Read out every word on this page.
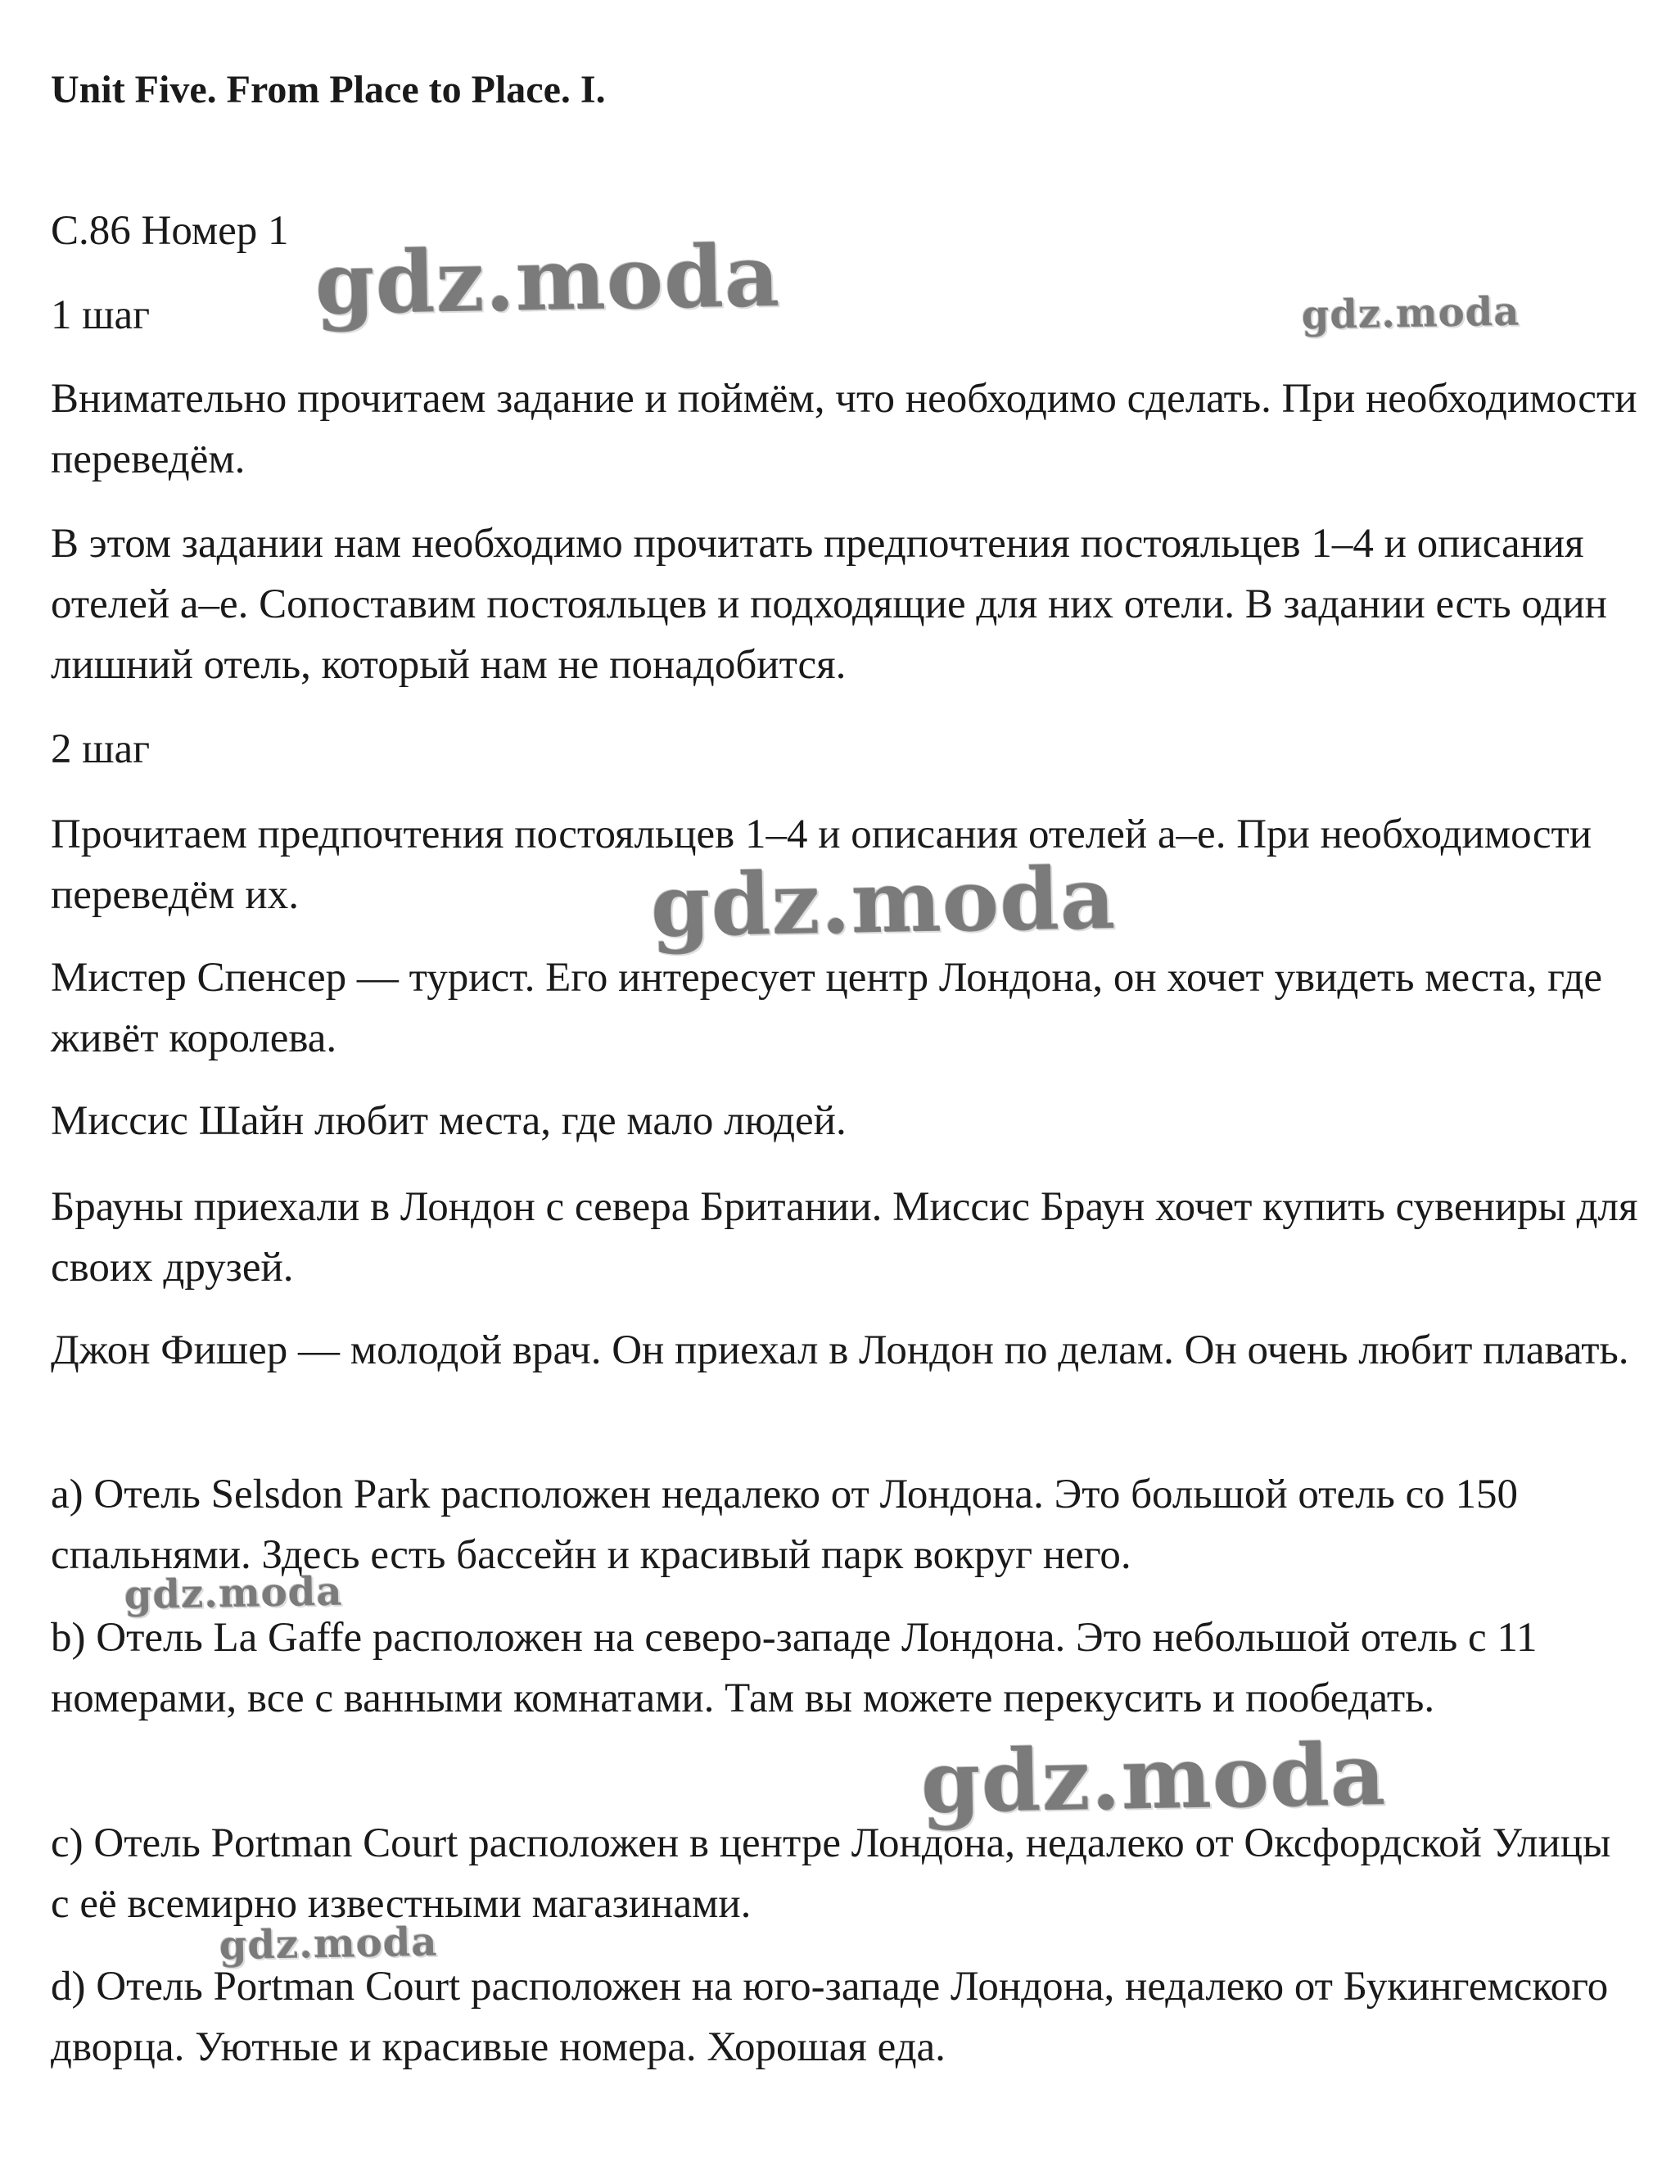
Unit Five. From Place to Place. I.

С.86 Номер 1

1 шаг

Внимательно прочитаем задание и поймём, что необходимо сделать. При необходимости переведём.

В этом задании нам необходимо прочитать предпочтения постояльцев 1–4 и описания отелей a–e. Сопоставим постояльцев и подходящие для них отели. В задании есть один лишний отель, который нам не понадобится.

2 шаг

Прочитаем предпочтения постояльцев 1–4 и описания отелей a–e. При необходимости переведём их.

Мистер Спенсер — турист. Его интересует центр Лондона, он хочет увидеть места, где живёт королева.

Миссис Шайн любит места, где мало людей.

Брауны приехали в Лондон с севера Британии. Миссис Браун хочет купить сувениры для своих друзей.

Джон Фишер — молодой врач. Он приехал в Лондон по делам. Он очень любит плавать.

a) Отель Selsdon Park расположен недалеко от Лондона. Это большой отель со 150 спальнями. Здесь есть бассейн и красивый парк вокруг него.

b) Отель La Gaffe расположен на северо-западе Лондона. Это небольшой отель с 11 номерами, все с ванными комнатами. Там вы можете перекусить и пообедать.

c) Отель Portman Court расположен в центре Лондона, недалеко от Оксфордской Улицы с её всемирно известными магазинами.

d) Отель Portman Court расположен на юго-западе Лондона, недалеко от Букингемского дворца. Уютные и красивые номера. Хорошая еда.

gdz.moda	gdz.moda
gdz.moda
gdz.moda
gdz.moda
gdz.moda
